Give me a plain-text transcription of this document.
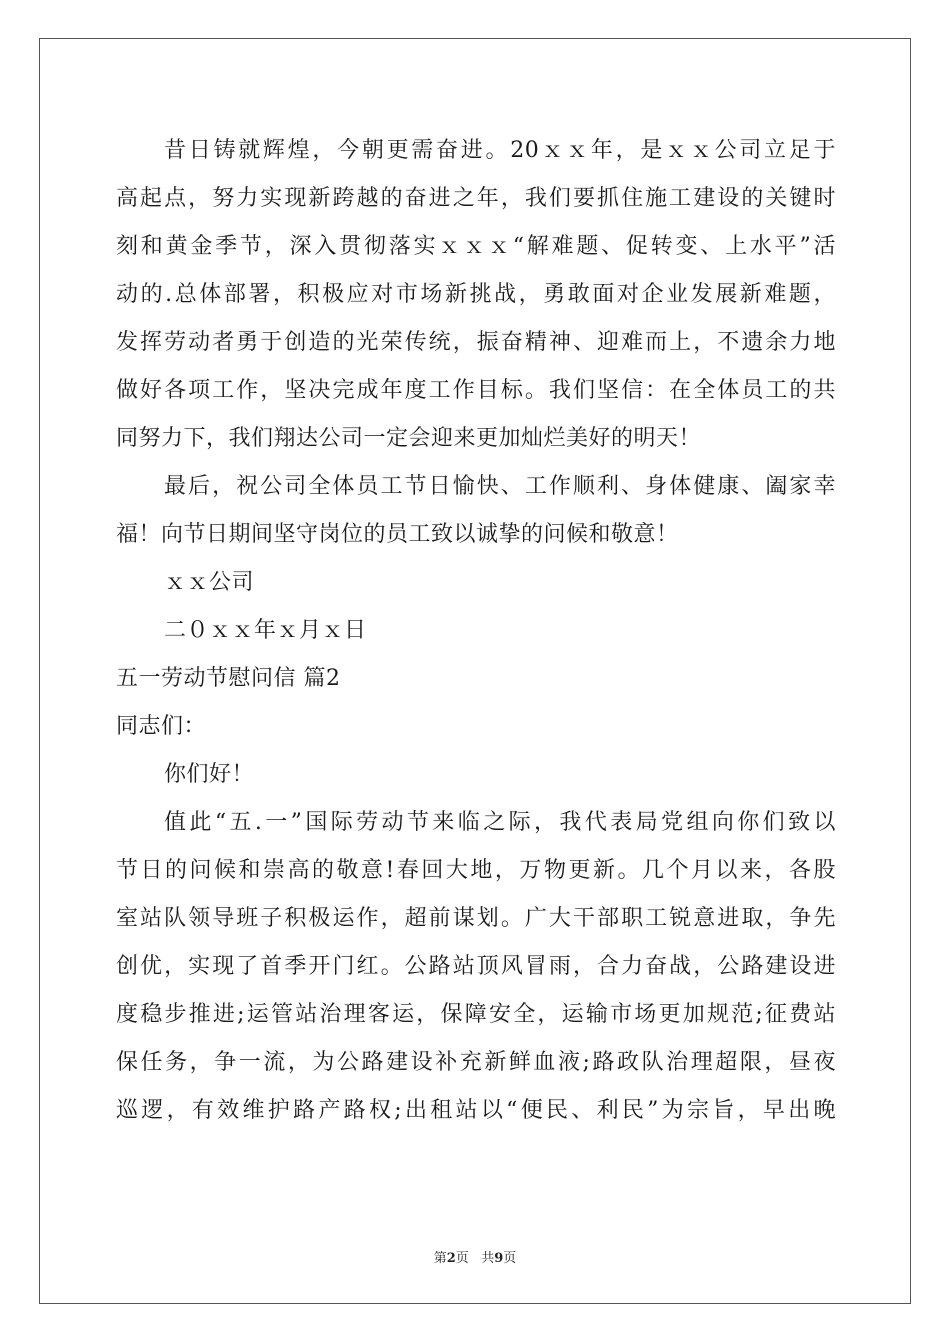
昔日铸就辉煌，今朝更需奋进。20ｘｘ年，是ｘｘ公司立足于
高起点，努力实现新跨越的奋进之年，我们要抓住施工建设的关键时
刻和黄金季节，深入贯彻落实ｘｘｘ“解难题、促转变、上水平”活
动的.总体部署，积极应对市场新挑战，勇敢面对企业发展新难题，
发挥劳动者勇于创造的光荣传统，振奋精神、迎难而上，不遗余力地
做好各项工作，坚决完成年度工作目标。我们坚信：在全体员工的共
同努力下，我们翔达公司一定会迎来更加灿烂美好的明天！
最后，祝公司全体员工节日愉快、工作顺利、身体健康、阖家幸
福！向节日期间坚守岗位的员工致以诚挚的问候和敬意！
ｘｘ公司
二０ｘｘ年ｘ月ｘ日
五一劳动节慰问信 篇2
同志们：
你们好！
值此“五.一”国际劳动节来临之际，我代表局党组向你们致以
节日的问候和崇高的敬意!春回大地，万物更新。几个月以来，各股
室站队领导班子积极运作，超前谋划。广大干部职工锐意进取，争先
创优，实现了首季开门红。公路站顶风冒雨，合力奋战，公路建设进
度稳步推进;运管站治理客运，保障安全，运输市场更加规范;征费站
保任务，争一流，为公路建设补充新鲜血液;路政队治理超限，昼夜
巡逻，有效维护路产路权;出租站以“便民、利民”为宗旨，早出晚
第2页   共9页
